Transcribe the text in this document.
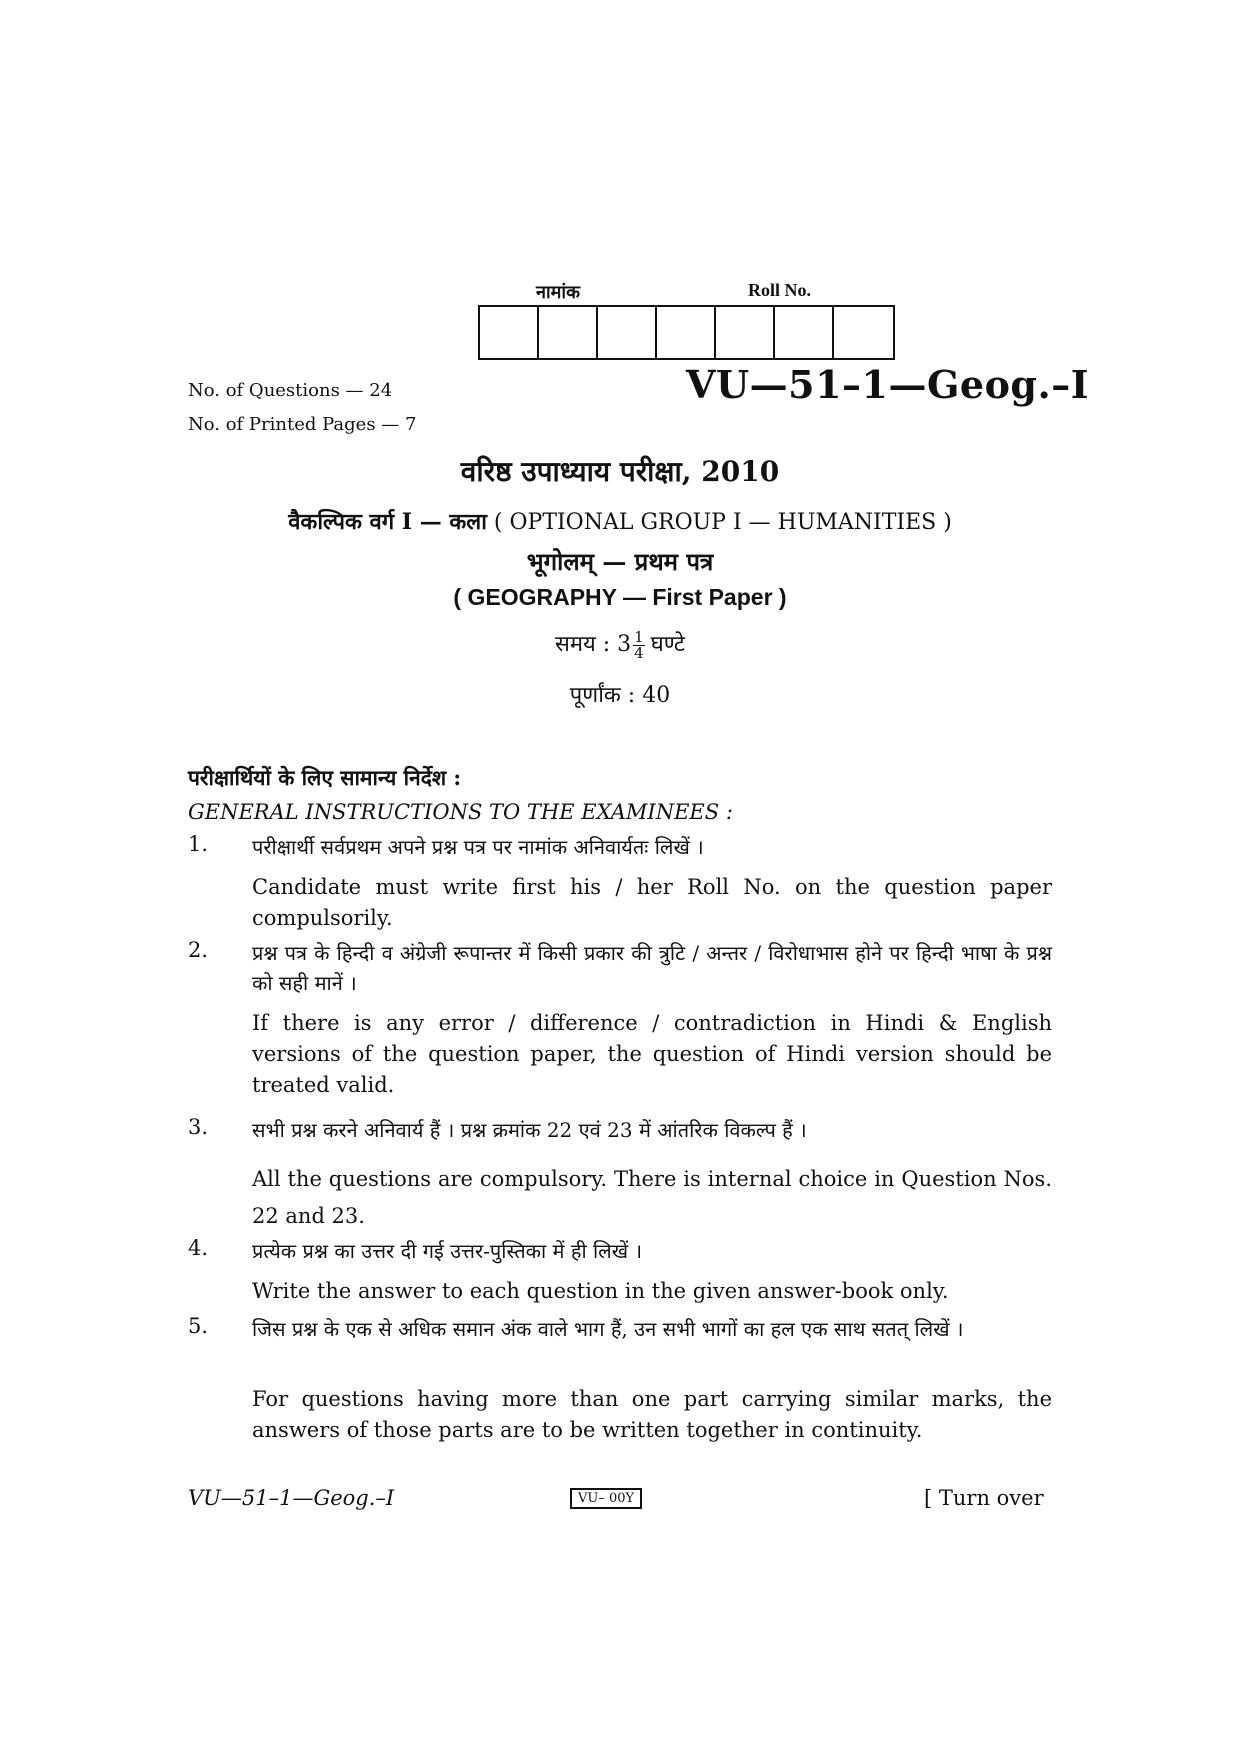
नामांक	Roll No.
No. of Questions — 24
No. of Printed Pages — 7
VU—51–1—Geog.–I
वरिष्ठ उपाध्याय परीक्षा, 2010
वैकल्पिक वर्ग I — कला ( OPTIONAL GROUP I — HUMANITIES )
भूगोलम् — प्रथम पत्र
( GEOGRAPHY — First Paper )
समय : $3 \frac{1}{4}$ घण्टे
पूर्णांक : 40
परीक्षार्थियों के लिए सामान्य निर्देश :
GENERAL INSTRUCTIONS TO THE EXAMINEES :
1. परीक्षार्थी सर्वप्रथम अपने प्रश्न पत्र पर नामांक अनिवार्यतः लिखें ।
Candidate must write first his / her Roll No. on the question paper compulsorily.
2. प्रश्न पत्र के हिन्दी व अंग्रेजी रूपान्तर में किसी प्रकार की त्रुटि / अन्तर / विरोधाभास होने पर हिन्दी भाषा के प्रश्न को सही मानें ।
If there is any error / difference / contradiction in Hindi & English versions of the question paper, the question of Hindi version should be treated valid.
3. सभी प्रश्न करने अनिवार्य हैं । प्रश्न क्रमांक 22 एवं 23 में आंतरिक विकल्प हैं ।
All the questions are compulsory. There is internal choice in Question Nos. 22 and 23.
4. प्रत्येक प्रश्न का उत्तर दी गई उत्तर-पुस्तिका में ही लिखें ।
Write the answer to each question in the given answer-book only.
5. जिस प्रश्न के एक से अधिक समान अंक वाले भाग हैं, उन सभी भागों का हल एक साथ सतत् लिखें ।
For questions having more than one part carrying similar marks, the answers of those parts are to be written together in continuity.
VU—51–1—Geog.–I	VU– 00Y	[ Turn over
